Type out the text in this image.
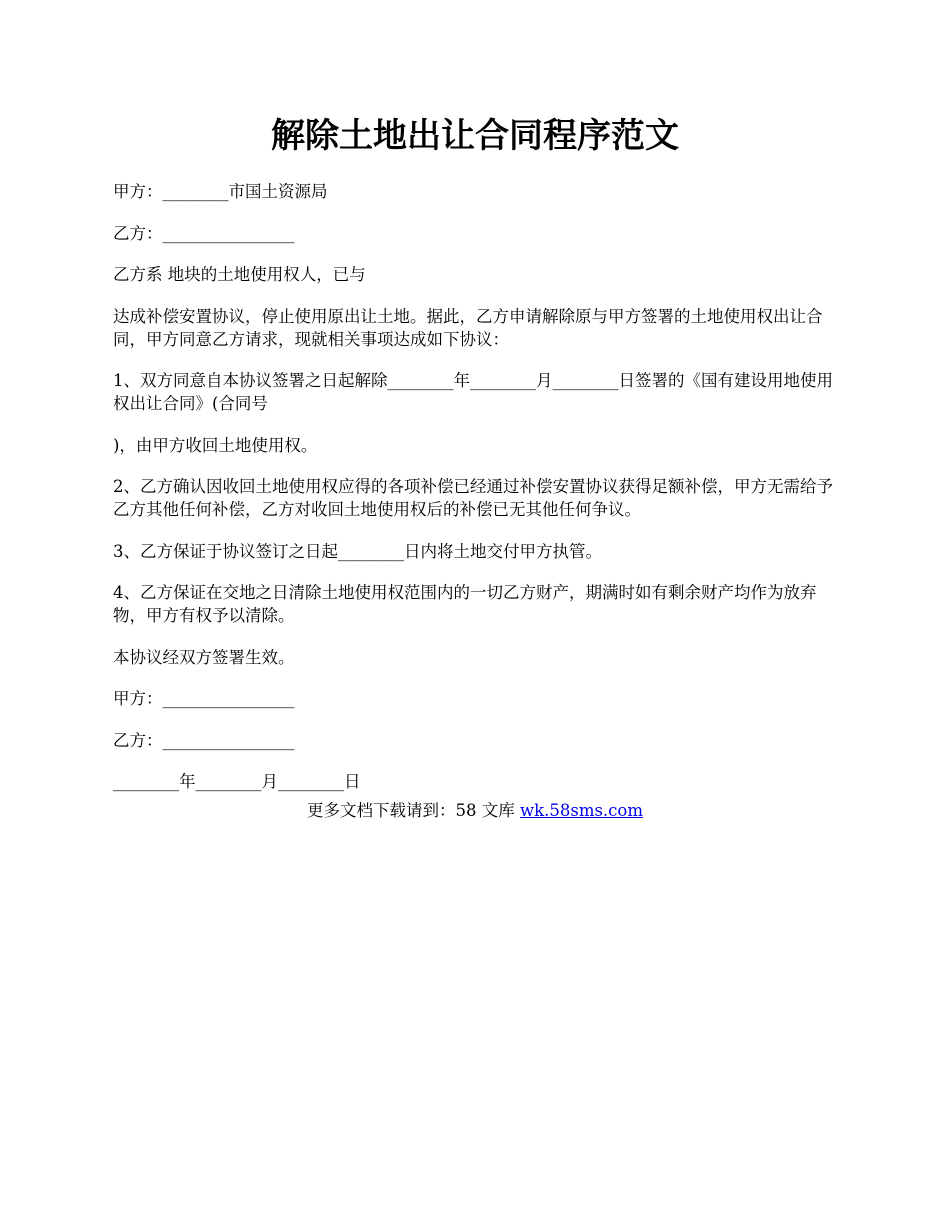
解除土地出让合同程序范文

甲方：________市国土资源局

乙方：________________

乙方系 地块的土地使用权人，已与

达成补偿安置协议，停止使用原出让土地。据此，乙方申请解除原与甲方签署的土地使用权出让合同，甲方同意乙方请求，现就相关事项达成如下协议：

1、双方同意自本协议签署之日起解除________年________月________日签署的《国有建设用地使用权出让合同》(合同号

)，由甲方收回土地使用权。

2、乙方确认因收回土地使用权应得的各项补偿已经通过补偿安置协议获得足额补偿，甲方无需给予乙方其他任何补偿，乙方对收回土地使用权后的补偿已无其他任何争议。

3、乙方保证于协议签订之日起________日内将土地交付甲方执管。

4、乙方保证在交地之日清除土地使用权范围内的一切乙方财产，期满时如有剩余财产均作为放弃物，甲方有权予以清除。

本协议经双方签署生效。

甲方：________________

乙方：________________

________年________月________日

更多文档下载请到：58 文库 wk.58sms.com
